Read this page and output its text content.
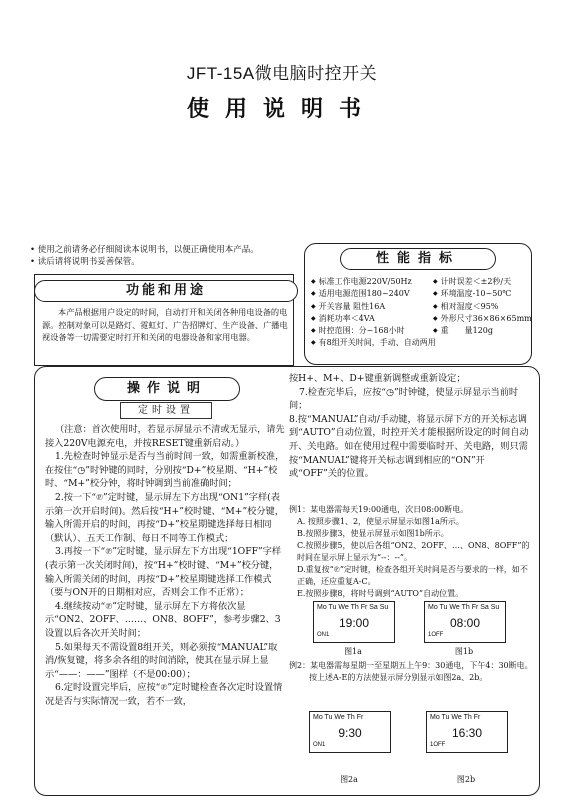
JFT-15A微电脑时控开关
使用说明书
• 使用之前请务必仔细阅读本说明书，以便正确使用本产品。
• 读后请将说明书妥善保管。
功能和用途
本产品根据用户设定的时间，自动打开和关闭各种用电设备的电源。控制对象可以是路灯、霓虹灯、广告招牌灯、生产设备、广播电视设备等一切需要定时打开和关闭的电器设备和家用电器。
性能指标
◆ 标准工作电源220V/50Hz	◆ 计时误差＜±2秒/天
◆ 适用电源范围180~240V	◆ 环境温度-10~50℃
◆ 开关容量 阻性16A	◆ 相对湿度＜95%
◆ 消耗功率＜4VA	◆ 外形尺寸36×86×65mm
◆ 时控范围：分~168小时	◆ 重　　量120g
◆ 有8组开关时间，手动、自动两用
操作说明
定时设置
（注意：首次使用时，若显示屏显示不清或无显示，请先接入220V电源充电，并按RESET键重新启动。）
1.先检查时钟显示是否与当前时间一致，如需重新校准，在按住“◷”时钟键的同时，分别按“D+”校星期、“H+”校时、“M+”校分钟，将时钟调到当前准确时间；
2.按一下“℗”定时键，显示屏左下方出现“ON1”字样(表示第一次开启时间)。然后按“H+”校时键、“M+”校分键，输入所需开启的时间，再按“D+”校星期键选择每日相同（默认）、五天工作制、每日不同等工作模式；
3.再按一下“℗”定时键，显示屏左下方出现“1OFF”字样(表示第一次关闭时间)，按“H+”校时键、“M+”校分键，输入所需关闭的时间，再按“D+”校星期键选择工作模式（要与ON开的日期相对应，否则会工作不正常）；
4.继续按动“℗”定时键，显示屏左下方将依次显示“ON2、2OFF、……、ON8、8OFF”，参考步骤2、3设置以后各次开关时间；
5.如果每天不需设置8组开关，则必须按“MANUAL”取消/恢复键，将多余各组的时间消除，使其在显示屏上显示“——：——”图样（不是00:00）；
6.定时设置完毕后，应按“℗”定时键检查各次定时设置情况是否与实际情况一致，若不一致，
按H+、M+、D+键重新调整或重新设定；
7.检查完毕后，应按“◷”时钟键，使显示屏显示当前时间；
8.按“MANUAL”自动/手动键，将显示屏下方的开关标志调到“AUTO”自动位置，时控开关才能根据所设定的时间自动开、关电路。如在使用过程中需要临时开、关电路，则只需按“MANUAL”键将开关标志调到相应的“ON”开或“OFF”关的位置。
例1：某电器需每天19:00通电，次日08:00断电。
A. 按照步骤1、2，使显示屏显示如图1a所示。
B.按照步骤3，使显示屏显示如图1b所示。
C.按照步骤5，使以后各组“ON2、2OFF、…、ON8、8OFF”的时间在显示屏上显示为“--：--”。
D.重复按“℗”定时键，检查各组开关时间是否与要求的一样，如不正确，还应重复A-C。
E.按照步骤8，将时号调到“AUTO”自动位置。
Mo Tu We Th Fr Sa Su
19:00
ON1
图1a
Mo Tu We Th Fr Sa Su
08:00
1OFF
图1b
例2：某电器需每星期一至星期五上午9：30通电，下午4：30断电。
按上述A-E的方法使显示屏分别显示如图2a、2b。
Mo Tu We Th Fr
9:30
ON1
图2a
Mo Tu We Th Fr
16:30
1OFF
图2b
